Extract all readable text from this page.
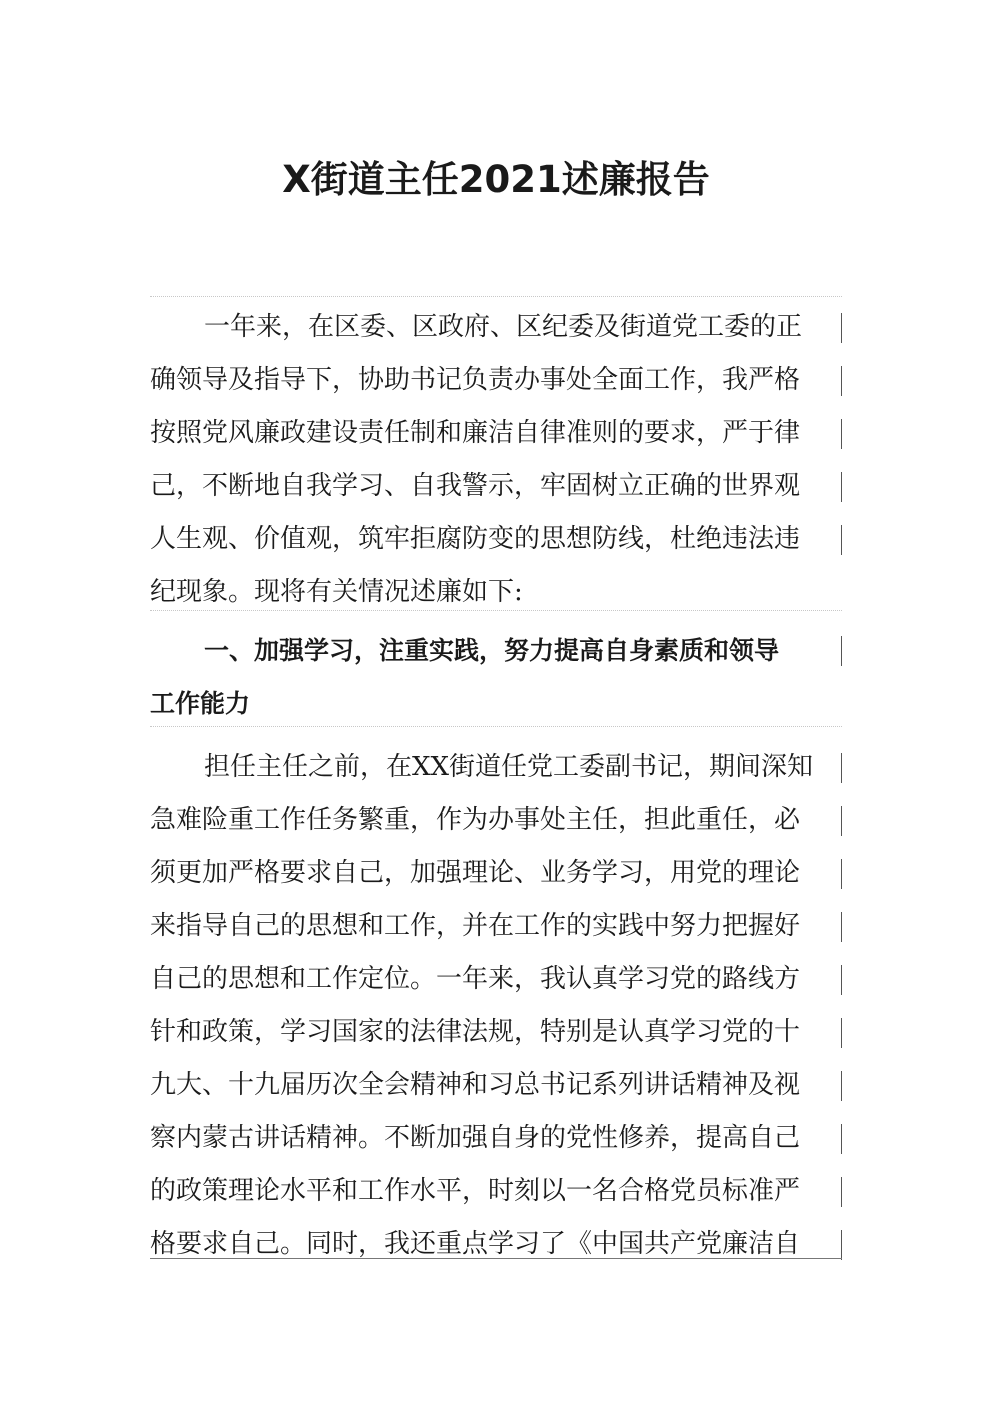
X街道主任2021述廉报告
一年来，在区委、区政府、区纪委及街道党工委的正
确领导及指导下，协助书记负责办事处全面工作，我严格
按照党风廉政建设责任制和廉洁自律准则的要求，严于律
己，不断地自我学习、自我警示，牢固树立正确的世界观
人生观、价值观，筑牢拒腐防变的思想防线，杜绝违法违
纪现象。现将有关情况述廉如下:
一、加强学习，注重实践，努力提高自身素质和领导
工作能力
担任主任之前，在XX街道任党工委副书记，期间深知
急难险重工作任务繁重，作为办事处主任，担此重任，必
须更加严格要求自己，加强理论、业务学习，用党的理论
来指导自己的思想和工作，并在工作的实践中努力把握好
自己的思想和工作定位。一年来，我认真学习党的路线方
针和政策，学习国家的法律法规，特别是认真学习党的十
九大、十九届历次全会精神和习总书记系列讲话精神及视
察内蒙古讲话精神。不断加强自身的党性修养，提高自己
的政策理论水平和工作水平，时刻以一名合格党员标准严
格要求自己。同时，我还重点学习了《中国共产党廉洁自
